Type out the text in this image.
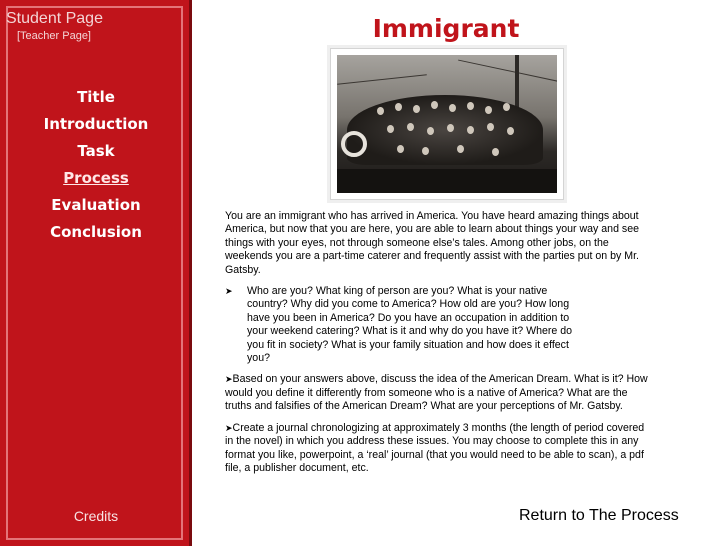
Student Page

[Teacher Page]

Title
Introduction
Task
Process
Evaluation
Conclusion
Credits
Immigrant

You are an immigrant who has arrived in America. You have heard amazing things about America, but now that you are here, you are able to learn about things your way and see things with your eyes, not through someone else’s tales. Among other jobs, on the weekends you are a part-time caterer and frequently assist with the parties put on by Mr. Gatsby.

➤	Who are you? What king of person are you? What is your native country? Why did you come to America? How old are you? How long have you been in America? Do you have an occupation in addition to your weekend catering? What is it and why do you have it? Where do you fit in society? What is your family situation and how does it effect you?

➤Based on your answers above, discuss the idea of the American Dream. What is it? How would you define it differently from someone who is a native of America? What are the truths and falsifies of the American Dream? What are your perceptions of Mr. Gatsby.

➤Create a journal chronologizing at approximately 3 months (the length of period covered in the novel) in which you address these issues. You may choose to complete this in any format you like, powerpoint, a ‘real’ journal (that you would need to be able to scan), a pdf file, a publisher document, etc.

Return to The Process
